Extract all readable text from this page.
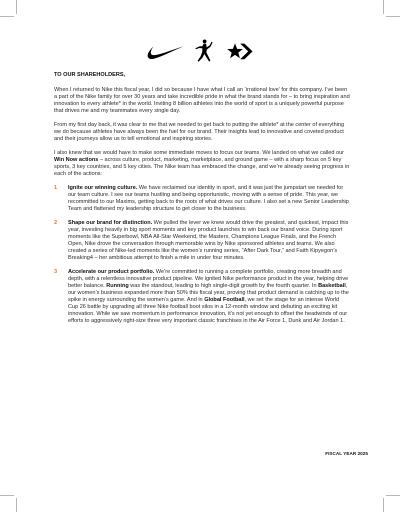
TO OUR SHAREHOLDERS,

When I returned to Nike this fiscal year, I did so because I have what I call an ‘irrational love’ for this company. I’ve been a part of the Nike family for over 30 years and take incredible pride in what the brand stands for – to bring inspiration and innovation to every athlete* in the world. Inviting 8 billion athletes into the world of sport is a uniquely powerful purpose that drives me and my teammates every single day.

From my first day back, it was clear to me that we needed to get back to putting the athlete* at the center of everything we do because athletes have always been the fuel for our brand. Their insights lead to innovative and coveted product and their journeys allow us to tell emotional and inspiring stories.

I also knew that we would have to make some immediate moves to focus our teams. We landed on what we called our Win Now actions – across culture, product, marketing, marketplace, and ground game – with a sharp focus on 5 key sports, 3 key countries, and 5 key cities. The Nike team has embraced the change, and we’re already seeing progress in each of the actions:

1 Ignite our winning culture. We have reclaimed our identity in sport, and it was just the jumpstart we needed for our team culture. I see our teams hustling and being opportunistic, moving with a sense of pride. This year, we recommitted to our Maxims, getting back to the roots of what drives our culture. I also set a new Senior Leadership Team and flattened my leadership structure to get closer to the business.
2 Shape our brand for distinction. We pulled the lever we knew would drive the greatest, and quickest, impact this year, investing heavily in big sport moments and key product launches to win back our brand voice. During sport moments like the Superbowl, NBA All-Star Weekend, the Masters, Champions League Finals, and the French Open, Nike drove the conversation through memorable wins by Nike sponsored athletes and teams. We also created a series of Nike-led moments like the women’s running series, “After Dark Tour,” and Faith Kipyegon’s Breaking4 – her ambitious attempt to finish a mile in under four minutes.
3 Accelerate our product portfolio. We’re committed to running a complete portfolio, creating more breadth and depth, with a relentless innovative product pipeline. We ignited Nike performance product in the year, helping drive better balance. Running was the standout, leading to high single-digit growth by the fourth quarter. In Basketball, our women’s business expanded more than 50% this fiscal year, proving that product demand is catching up to the spike in energy surrounding the women’s game. And in Global Football, we set the stage for an intense World Cup 26 battle by upgrading all three Nike football boot silos in a 12-month window and debuting an exciting kit innovation. While we saw momentum in performance innovation, it’s not yet enough to offset the headwinds of our efforts to aggressively right-size three very important classic franchises in the Air Force 1, Dunk and Air Jordan 1.
FISCAL YEAR 2025
